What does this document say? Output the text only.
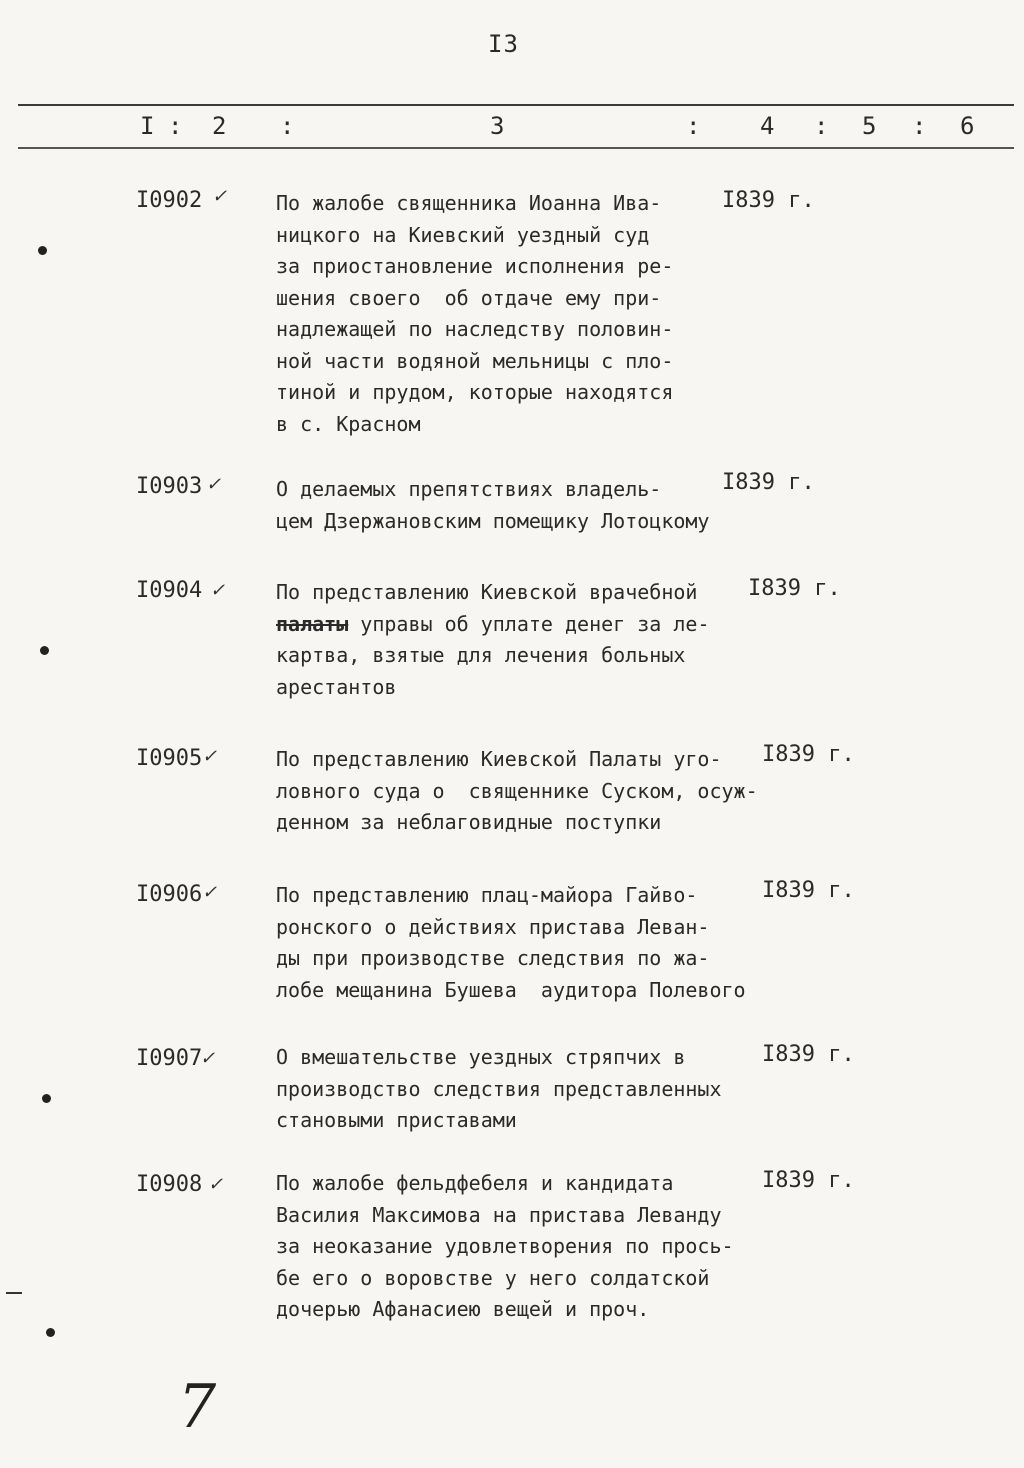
I3
I : 2 :	3	: 4 : 5 : 6
I0902 ✓ По жалобе священника Иоанна Ива-
ницкого на Киевский уездный суд
за приостановление исполнения ре-
шения своего  об отдаче ему при-
надлежащей по наследству половин-
ной части водяной мельницы с пло-
тиной и прудом, которые находятся
в с. Красном
I839 г.
I0903 ✓	О делаемых препятствиях владель-
цем Дзержановским помещику Лотоцкому
I839 г.
I0904 ✓	По представлению Киевской врачебной
палаты управы об уплате денег за ле-
картва, взятые для лечения больных
арестантов
I839 г.
I0905 ✓	По представлению Киевской Палаты уго-
ловного суда о  священнике Суском, осуж-
денном за неблаговидные поступки
I839 г.
I0906 ✓	По представлению плац-майора Гайво-
ронского о действиях пристава Леван-
ды при производстве следствия по жа-
лобе мещанина Бушева  аудитора Полевого
I839 г.
I0907
✓	О вмешательстве уездных стряпчих в
производство следствия представленных
становыми приставами
I839 г.
I0908 ✓	По жалобе фельдфебеля и кандидата
Василия Максимова на пристава Леванду
за неоказание удовлетворения по прось-
бе его о воровстве у него солдатской
дочерью Афанасиею вещей и проч.
I839 г.
7
